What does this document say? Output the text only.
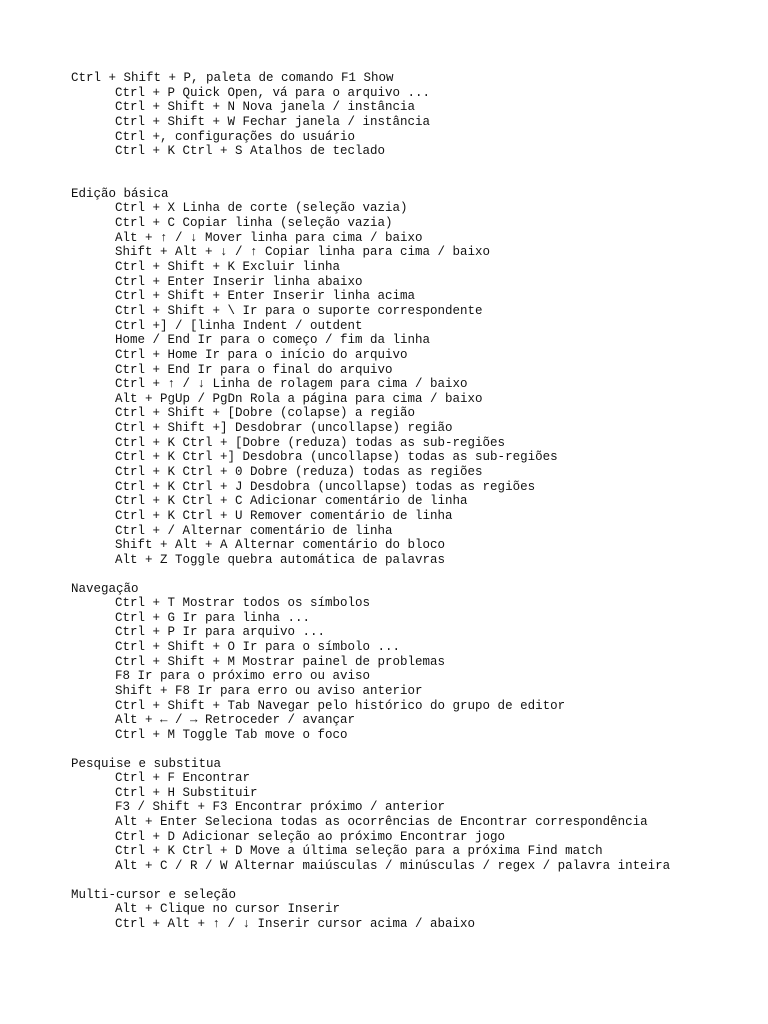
Ctrl + Shift + P, paleta de comando F1 Show
Ctrl + P Quick Open, vá para o arquivo ...
Ctrl + Shift + N Nova janela / instância
Ctrl + Shift + W Fechar janela / instância
Ctrl +, configurações do usuário
Ctrl + K Ctrl + S Atalhos de teclado
Edição básica
Ctrl + X Linha de corte (seleção vazia)
Ctrl + C Copiar linha (seleção vazia)
Alt + ↑ / ↓ Mover linha para cima / baixo
Shift + Alt + ↓ / ↑ Copiar linha para cima / baixo
Ctrl + Shift + K Excluir linha
Ctrl + Enter Inserir linha abaixo
Ctrl + Shift + Enter Inserir linha acima
Ctrl + Shift + \ Ir para o suporte correspondente
Ctrl +] / [linha Indent / outdent
Home / End Ir para o começo / fim da linha
Ctrl + Home Ir para o início do arquivo
Ctrl + End Ir para o final do arquivo
Ctrl + ↑ / ↓ Linha de rolagem para cima / baixo
Alt + PgUp / PgDn Rola a página para cima / baixo
Ctrl + Shift + [Dobre (colapse) a região
Ctrl + Shift +] Desdobrar (uncollapse) região
Ctrl + K Ctrl + [Dobre (reduza) todas as sub-regiões
Ctrl + K Ctrl +] Desdobra (uncollapse) todas as sub-regiões
Ctrl + K Ctrl + 0 Dobre (reduza) todas as regiões
Ctrl + K Ctrl + J Desdobra (uncollapse) todas as regiões
Ctrl + K Ctrl + C Adicionar comentário de linha
Ctrl + K Ctrl + U Remover comentário de linha
Ctrl + / Alternar comentário de linha
Shift + Alt + A Alternar comentário do bloco
Alt + Z Toggle quebra automática de palavras
Navegação
Ctrl + T Mostrar todos os símbolos
Ctrl + G Ir para linha ...
Ctrl + P Ir para arquivo ...
Ctrl + Shift + O Ir para o símbolo ...
Ctrl + Shift + M Mostrar painel de problemas
F8 Ir para o próximo erro ou aviso
Shift + F8 Ir para erro ou aviso anterior
Ctrl + Shift + Tab Navegar pelo histórico do grupo de editor
Alt + ← / → Retroceder / avançar
Ctrl + M Toggle Tab move o foco
Pesquise e substitua
Ctrl + F Encontrar
Ctrl + H Substituir
F3 / Shift + F3 Encontrar próximo / anterior
Alt + Enter Seleciona todas as ocorrências de Encontrar correspondência
Ctrl + D Adicionar seleção ao próximo Encontrar jogo
Ctrl + K Ctrl + D Move a última seleção para a próxima Find match
Alt + C / R / W Alternar maiúsculas / minúsculas / regex / palavra inteira
Multi-cursor e seleção
Alt + Clique no cursor Inserir
Ctrl + Alt + ↑ / ↓ Inserir cursor acima / abaixo
